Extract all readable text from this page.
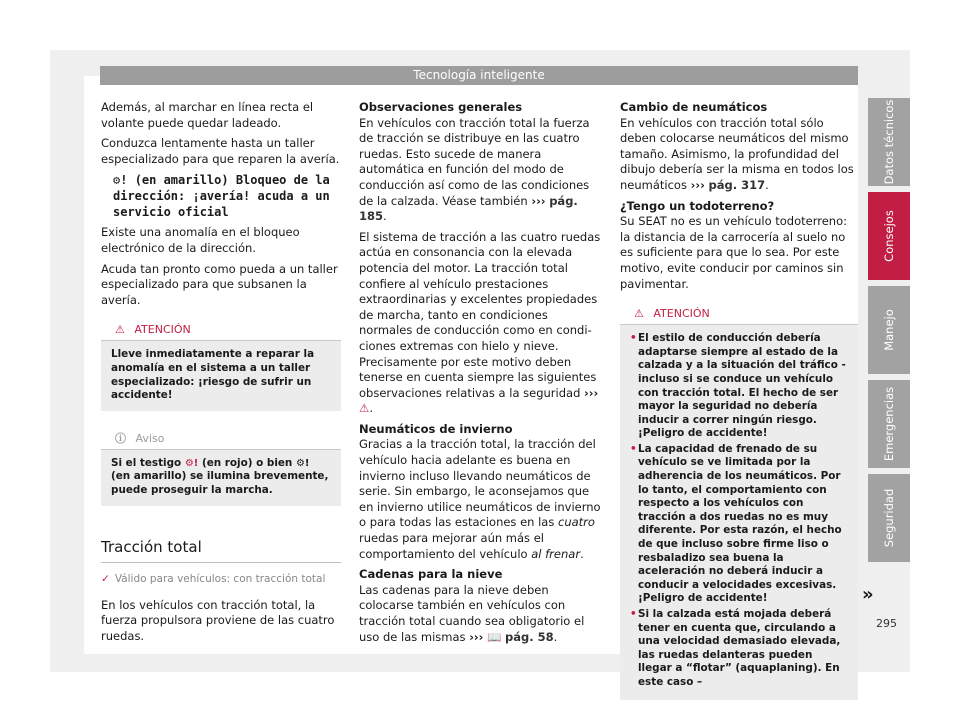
Tecnología inteligente

Además, al marchar en línea recta el volante puede quedar ladeado.

Conduzca lentamente hasta un taller especializado para que reparen la avería.

⚙! (en amarillo) Bloqueo de la dirección: ¡avería! acuda a un servicio oficial

Existe una anomalía en el bloqueo electrónico de la dirección.

Acuda tan pronto como pueda a un taller especializado para que subsanen la avería.

⚠ ATENCIÓN
Lleve inmediatamente a reparar la anomalía en el sistema a un taller especializado: ¡riesgo de sufrir un accidente!
ⓘ Aviso
Si el testigo ⚙! (en rojo) o bien ⚙! (en amarillo) se ilumina brevemente, puede proseguir la marcha.
Tracción total
✓ Válido para vehículos: con tracción total

En los vehículos con tracción total, la fuerza propulsora proviene de las cuatro ruedas.

Observaciones generales

En vehículos con tracción total la fuerza de tracción se distribuye en las cuatro ruedas. Esto sucede de manera automática en función del modo de conducción así como de las condiciones de la calzada. Véase también ››› pág. 185.

El sistema de tracción a las cuatro ruedas actúa en consonancia con la elevada potencia del motor. La tracción total confiere al vehículo prestaciones extraordinarias y excelentes propiedades de marcha, tanto en condiciones normales de conducción como en condiciones extremas con hielo y nieve. Precisamente por este motivo deben tenerse en cuenta siempre las siguientes observaciones relativas a la seguridad ››› ⚠.

Neumáticos de invierno

Gracias a la tracción total, la tracción del vehículo hacia adelante es buena en invierno incluso llevando neumáticos de serie. Sin embargo, le aconsejamos que en invierno utilice neumáticos de invierno o para todas las estaciones en las cuatro ruedas para mejorar aún más el comportamiento del vehículo al frenar.

Cadenas para la nieve

Las cadenas para la nieve deben colocarse también en vehículos con tracción total cuando sea obligatorio el uso de las mismas ››› 📖 pág. 58.

Cambio de neumáticos

En vehículos con tracción total sólo deben colocarse neumáticos del mismo tamaño. Asimismo, la profundidad del dibujo debería ser la misma en todos los neumáticos ››› pág. 317.

¿Tengo un todoterreno?

Su SEAT no es un vehículo todoterreno: la distancia de la carrocería al suelo no es suficiente para que lo sea. Por este motivo, evite conducir por caminos sin pavimentar.

⚠ ATENCIÓN
• El estilo de conducción debería adaptarse siempre al estado de la calzada y a la situación del tráfico - incluso si se conduce un vehículo con tracción total. El hecho de ser mayor la seguridad no debería inducir a correr ningún riesgo. ¡Peligro de accidente!
• La capacidad de frenado de su vehículo se ve limitada por la adherencia de los neumáticos. Por lo tanto, el comportamiento con respecto a los vehículos con tracción a dos ruedas no es muy diferente. Por esta razón, el hecho de que incluso sobre firme liso o resbaladizo sea buena la aceleración no deberá inducir a conducir a velocidades excesivas. ¡Peligro de accidente!
• Si la calzada está mojada deberá tener en cuenta que, circulando a una velocidad demasiado elevada, las ruedas delanteras pueden llegar a “flotar” (aquaplaning). En este caso –
»
Datos técnicos
Consejos
Manejo
Emergencias
Seguridad
295
